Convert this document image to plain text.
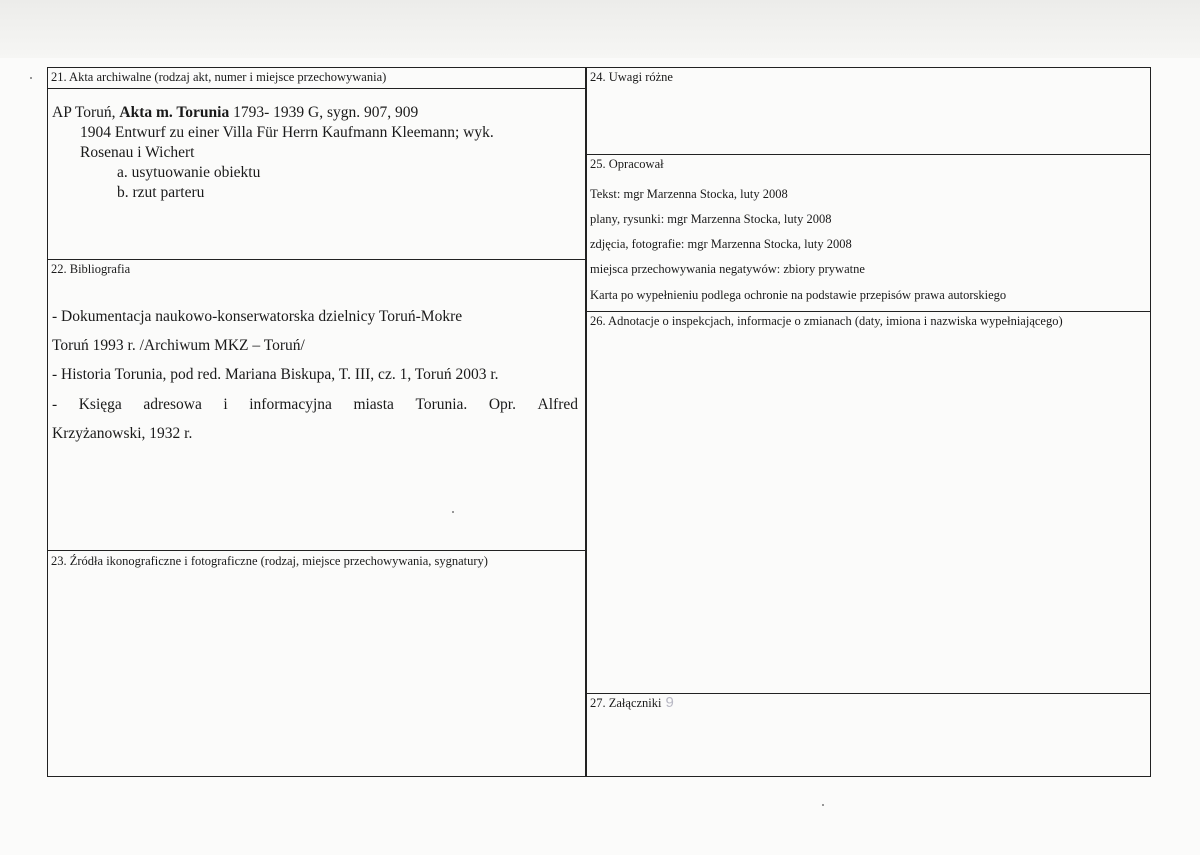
21. Akta archiwalne (rodzaj akt, numer i miejsce przechowywania)
AP Toruń, Akta m. Torunia 1793- 1939 G, sygn. 907, 909
1904 Entwurf zu einer Villa Für Herrn Kaufmann Kleemann; wyk.
Rosenau i Wichert
a. usytuowanie obiektu
b. rzut parteru
22. Bibliografia
- Dokumentacja naukowo-konserwatorska dzielnicy Toruń-Mokre
Toruń 1993 r. /Archiwum MKZ – Toruń/
- Historia Torunia, pod red. Mariana Biskupa, T. III, cz. 1, Toruń 2003 r.
- Księga adresowa i informacyjna miasta Torunia. Opr. Alfred
Krzyżanowski, 1932 r.
23. Źródła ikonograficzne i fotograficzne (rodzaj, miejsce przechowywania, sygnatury)
24. Uwagi różne
25. Opracował
Tekst: mgr Marzenna Stocka, luty 2008
plany, rysunki: mgr Marzenna Stocka, luty 2008
zdjęcia, fotografie: mgr Marzenna Stocka, luty 2008
miejsca przechowywania negatywów: zbiory prywatne
Karta po wypełnieniu podlega ochronie na podstawie przepisów prawa autorskiego
26. Adnotacje o inspekcjach, informacje o zmianach (daty, imiona i nazwiska wypełniającego)
27. Załączniki 9
